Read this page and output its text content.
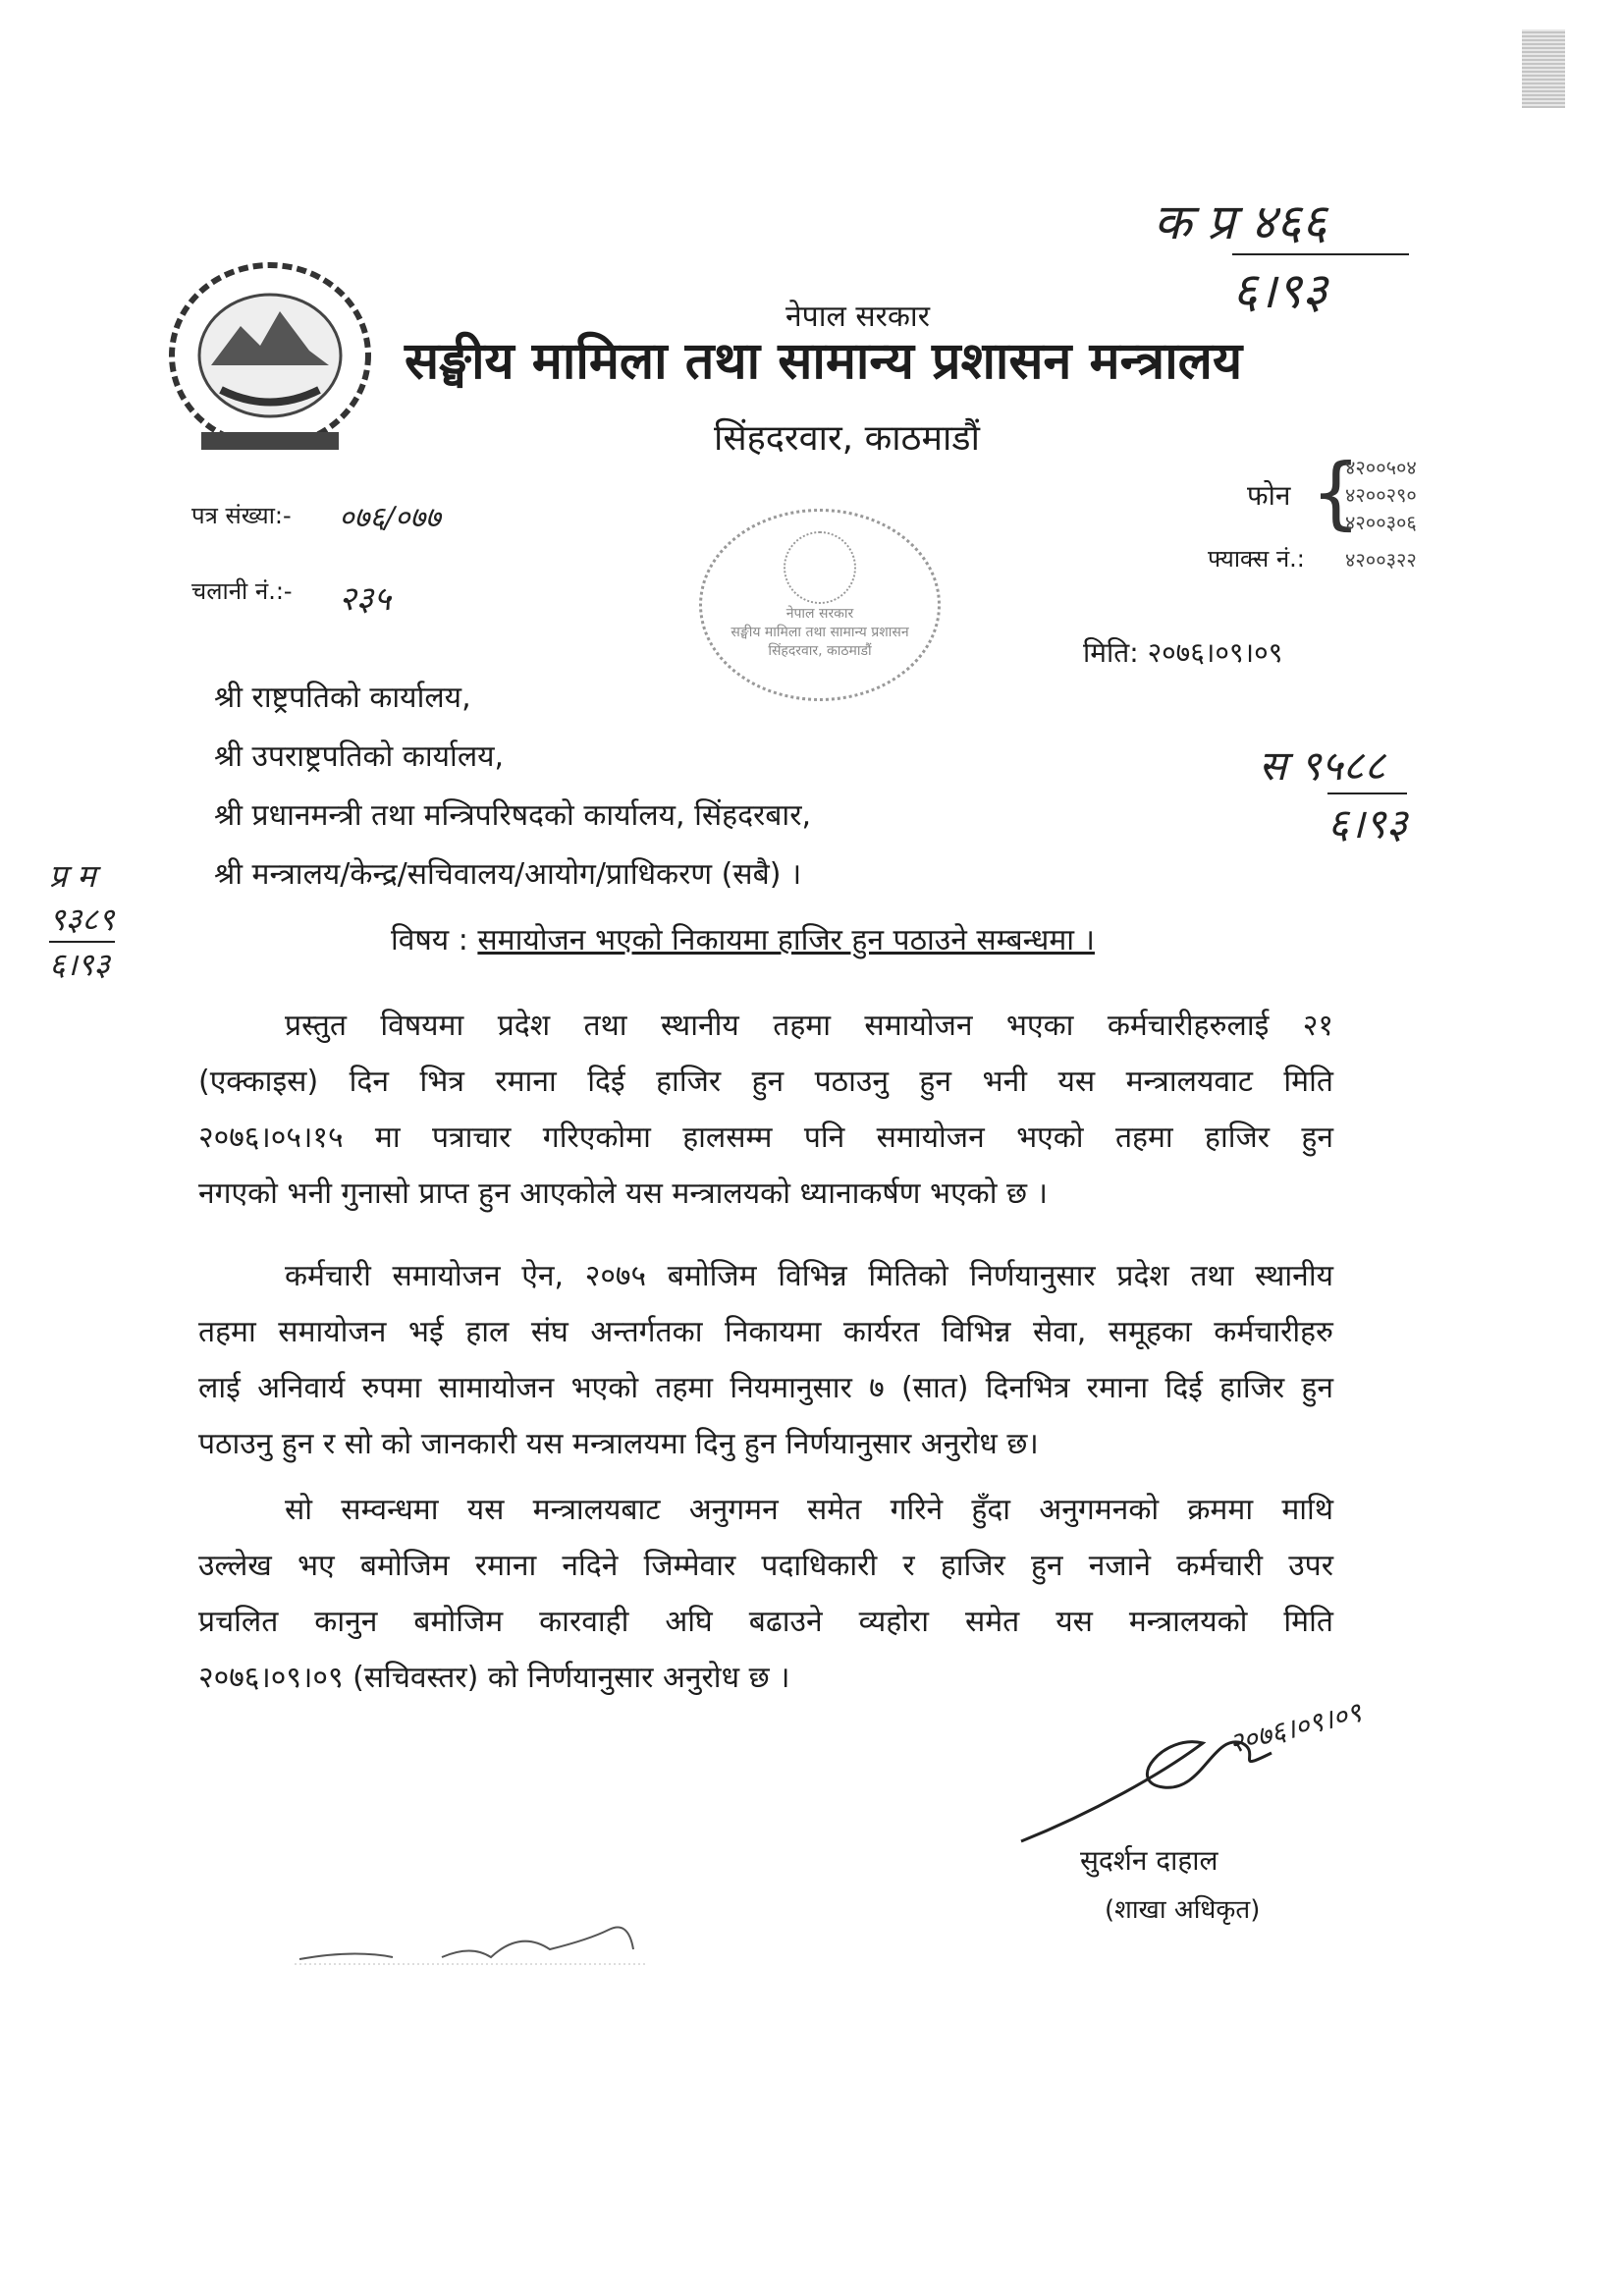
क प्र ४६६
६।९३
नेपाल सरकार
सङ्घीय मामिला तथा सामान्य प्रशासन मन्त्रालय
सिंहदरवार, काठमाडौं
फोन {
४२००५०४
४२००२९०
४२००३०६
फ्याक्स नं.: ४२००३२२
पत्र संख्या:- ०७६/०७७
चलानी नं.:- २३५	नेपाल सरकार
सङ्घीय मामिला तथा सामान्य प्रशासन
सिंहदरवार, काठमाडौं	मिति: २०७६।०९।०९
श्री राष्ट्रपतिको कार्यालय,
श्री उपराष्ट्रपतिको कार्यालय,
श्री प्रधानमन्त्री तथा मन्त्रिपरिषदको कार्यालय, सिंहदरबार,
श्री मन्त्रालय/केन्द्र/सचिवालय/आयोग/प्राधिकरण (सबै) ।
स ९५८८
६।९३
प्र म
९३८९
६।९३
विषय : समायोजन भएको निकायमा हाजिर हुन पठाउने सम्बन्धमा ।
प्रस्तुत विषयमा प्रदेश तथा स्थानीय तहमा समायोजन भएका कर्मचारीहरुलाई २१
(एक्काइस) दिन भित्र रमाना दिई हाजिर हुन पठाउनु हुन भनी यस मन्त्रालयवाट मिति
२०७६।०५।१५ मा पत्राचार गरिएकोमा हालसम्म पनि समायोजन भएको तहमा हाजिर हुन
नगएको भनी गुनासो प्राप्त हुन आएकोले यस मन्त्रालयको ध्यानाकर्षण भएको छ ।
कर्मचारी समायोजन ऐन, २०७५ बमोजिम विभिन्न मितिको निर्णयानुसार प्रदेश तथा स्थानीय
तहमा समायोजन भई हाल संघ अन्तर्गतका निकायमा कार्यरत विभिन्न सेवा, समूहका कर्मचारीहरु
लाई अनिवार्य रुपमा सामायोजन भएको तहमा नियमानुसार ७ (सात) दिनभित्र रमाना दिई हाजिर हुन
पठाउनु हुन र सो को जानकारी यस मन्त्रालयमा दिनु हुन निर्णयानुसार अनुरोध छ।
सो सम्वन्धमा यस मन्त्रालयबाट अनुगमन समेत गरिने हुँदा अनुगमनको क्रममा माथि
उल्लेख भए बमोजिम रमाना नदिने जिम्मेवार पदाधिकारी र हाजिर हुन नजाने कर्मचारी उपर
प्रचलित कानुन बमोजिम कारवाही अघि बढाउने व्यहोरा समेत यस मन्त्रालयको मिति
२०७६।०९।०९ (सचिवस्तर) को निर्णयानुसार अनुरोध छ ।
२०७६।०९।०९
सुदर्शन दाहाल
(शाखा अधिकृत)
